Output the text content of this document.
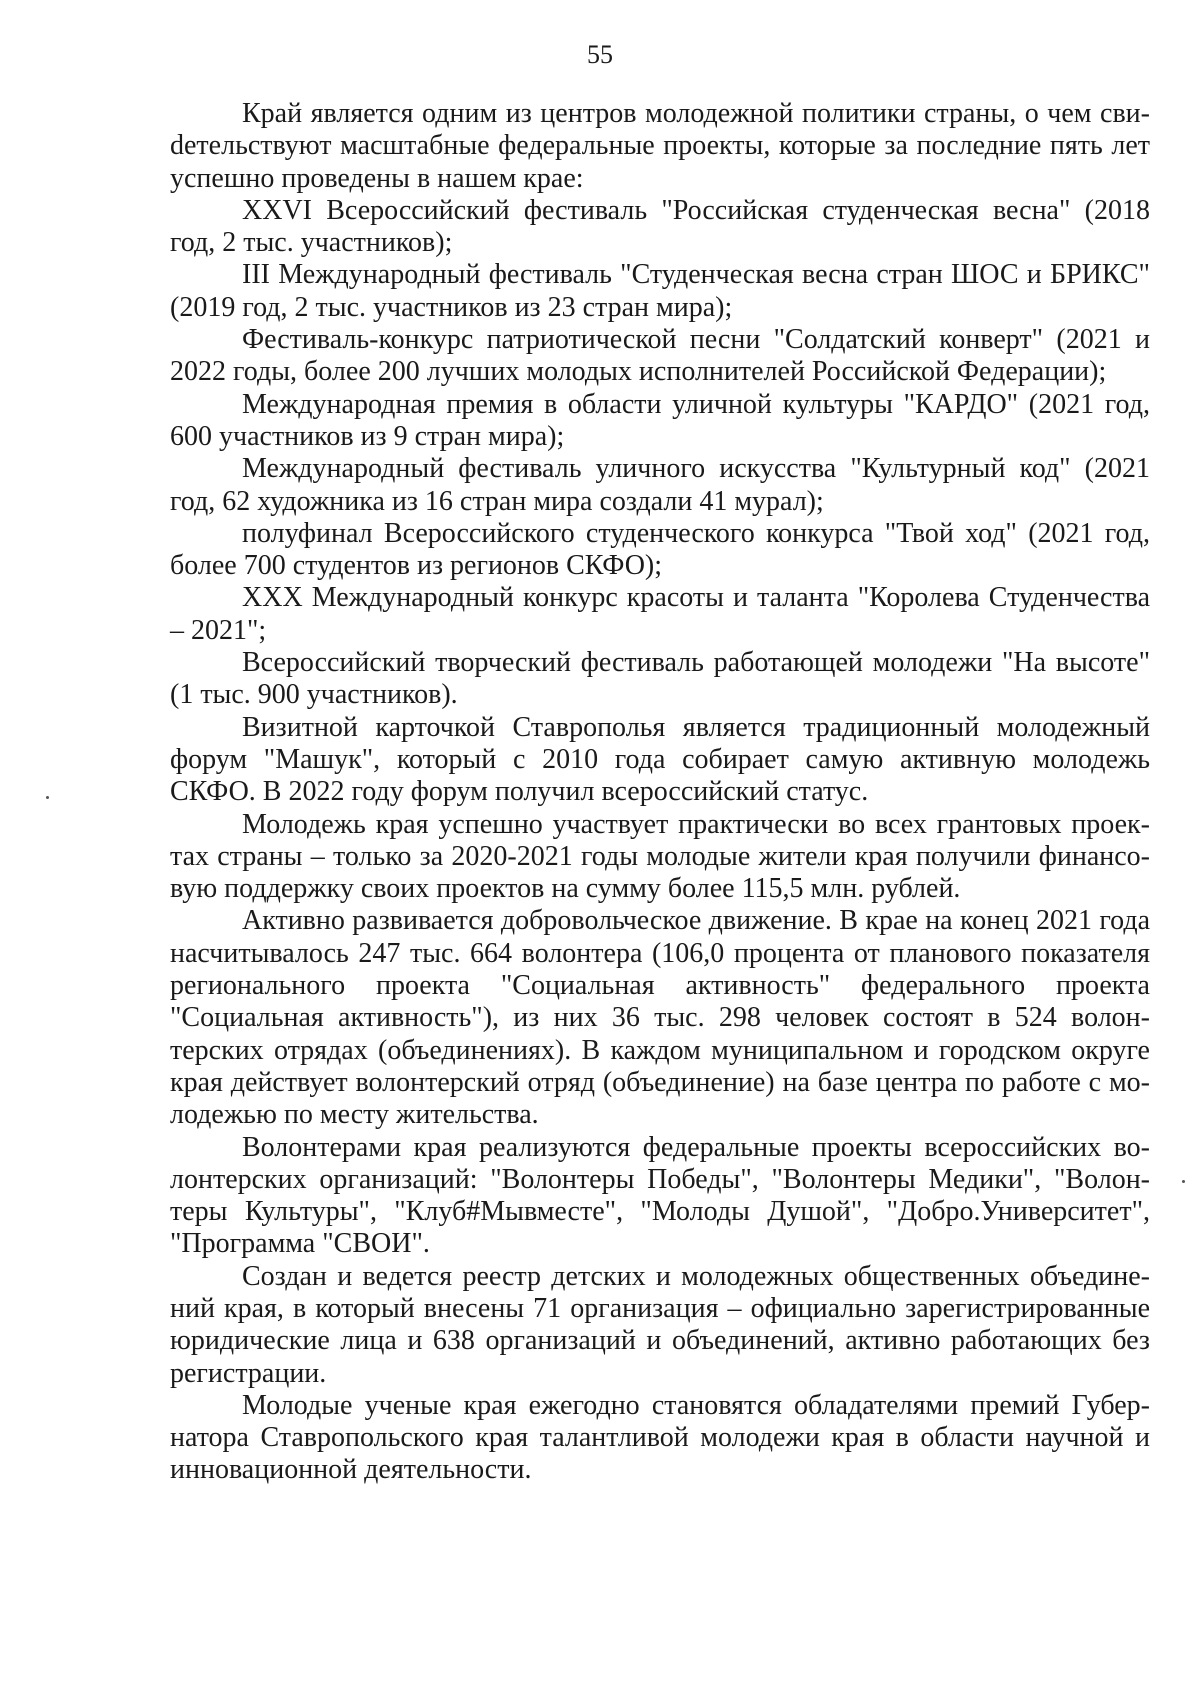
55

Край является одним из центров молодежной политики страны, о чем свиdетельствуют масштабные федеральные проекты, которые за последние пять лет успешно проведены в нашем крае:

XXVI Всероссийский фестиваль "Российская студенческая весна" (2018 год, 2 тыс. участников);

III Международный фестиваль "Студенческая весна стран ШОС и БРИКС" (2019 год, 2 тыс. участников из 23 стран мира);

Фестиваль-конкурс патриотической песни "Солдатский конверт" (2021 и 2022 годы, более 200 лучших молодых исполнителей Российской Федерации);

Международная премия в области уличной культуры "КАРДО" (2021 год, 600 участников из 9 стран мира);

Международный фестиваль уличного искусства "Культурный код" (2021 год, 62 художника из 16 стран мира создали 41 мурал);

полуфинал Всероссийского студенческого конкурса "Твой ход" (2021 год, более 700 студентов из регионов СКФО);

XXX Международный конкурс красоты и таланта "Королева Студенчества – 2021";

Всероссийский творческий фестиваль работающей молодежи "На высоте" (1 тыс. 900 участников).

Визитной карточкой Ставрополья является традиционный молодежный форум "Машук", который с 2010 года собирает самую активную молодежь СКФО. В 2022 году форум получил всероссийский статус.

Молодежь края успешно участвует практически во всех грантовых проектах страны – только за 2020-2021 годы молодые жители края получили финансовую поддержку своих проектов на сумму более 115,5 млн. рублей.

Активно развивается добровольческое движение. В крае на конец 2021 года насчитывалось 247 тыс. 664 волонтера (106,0 процента от планового показателя регионального проекта "Социальная активность" федерального проекта "Социальная активность"), из них 36 тыс. 298 человек состоят в 524 волонтерских отрядах (объединениях). В каждом муниципальном и городском округе края действует волонтерский отряд (объединение) на базе центра по работе с молодежью по месту жительства.

Волонтерами края реализуются федеральные проекты всероссийских волонтерских организаций: "Волонтеры Победы", "Волонтеры Медики", "Волонтеры Культуры", "Клуб#Мывместе", "Молоды Душой", "Добро.Университет", "Программа "СВОИ".

Создан и ведется реестр детских и молодежных общественных объединений края, в который внесены 71 организация – официально зарегистрированные юридические лица и 638 организаций и объединений, активно работающих без регистрации.

Молодые ученые края ежегодно становятся обладателями премий Губернатора Ставропольского края талантливой молодежи края в области научной и инновационной деятельности.
